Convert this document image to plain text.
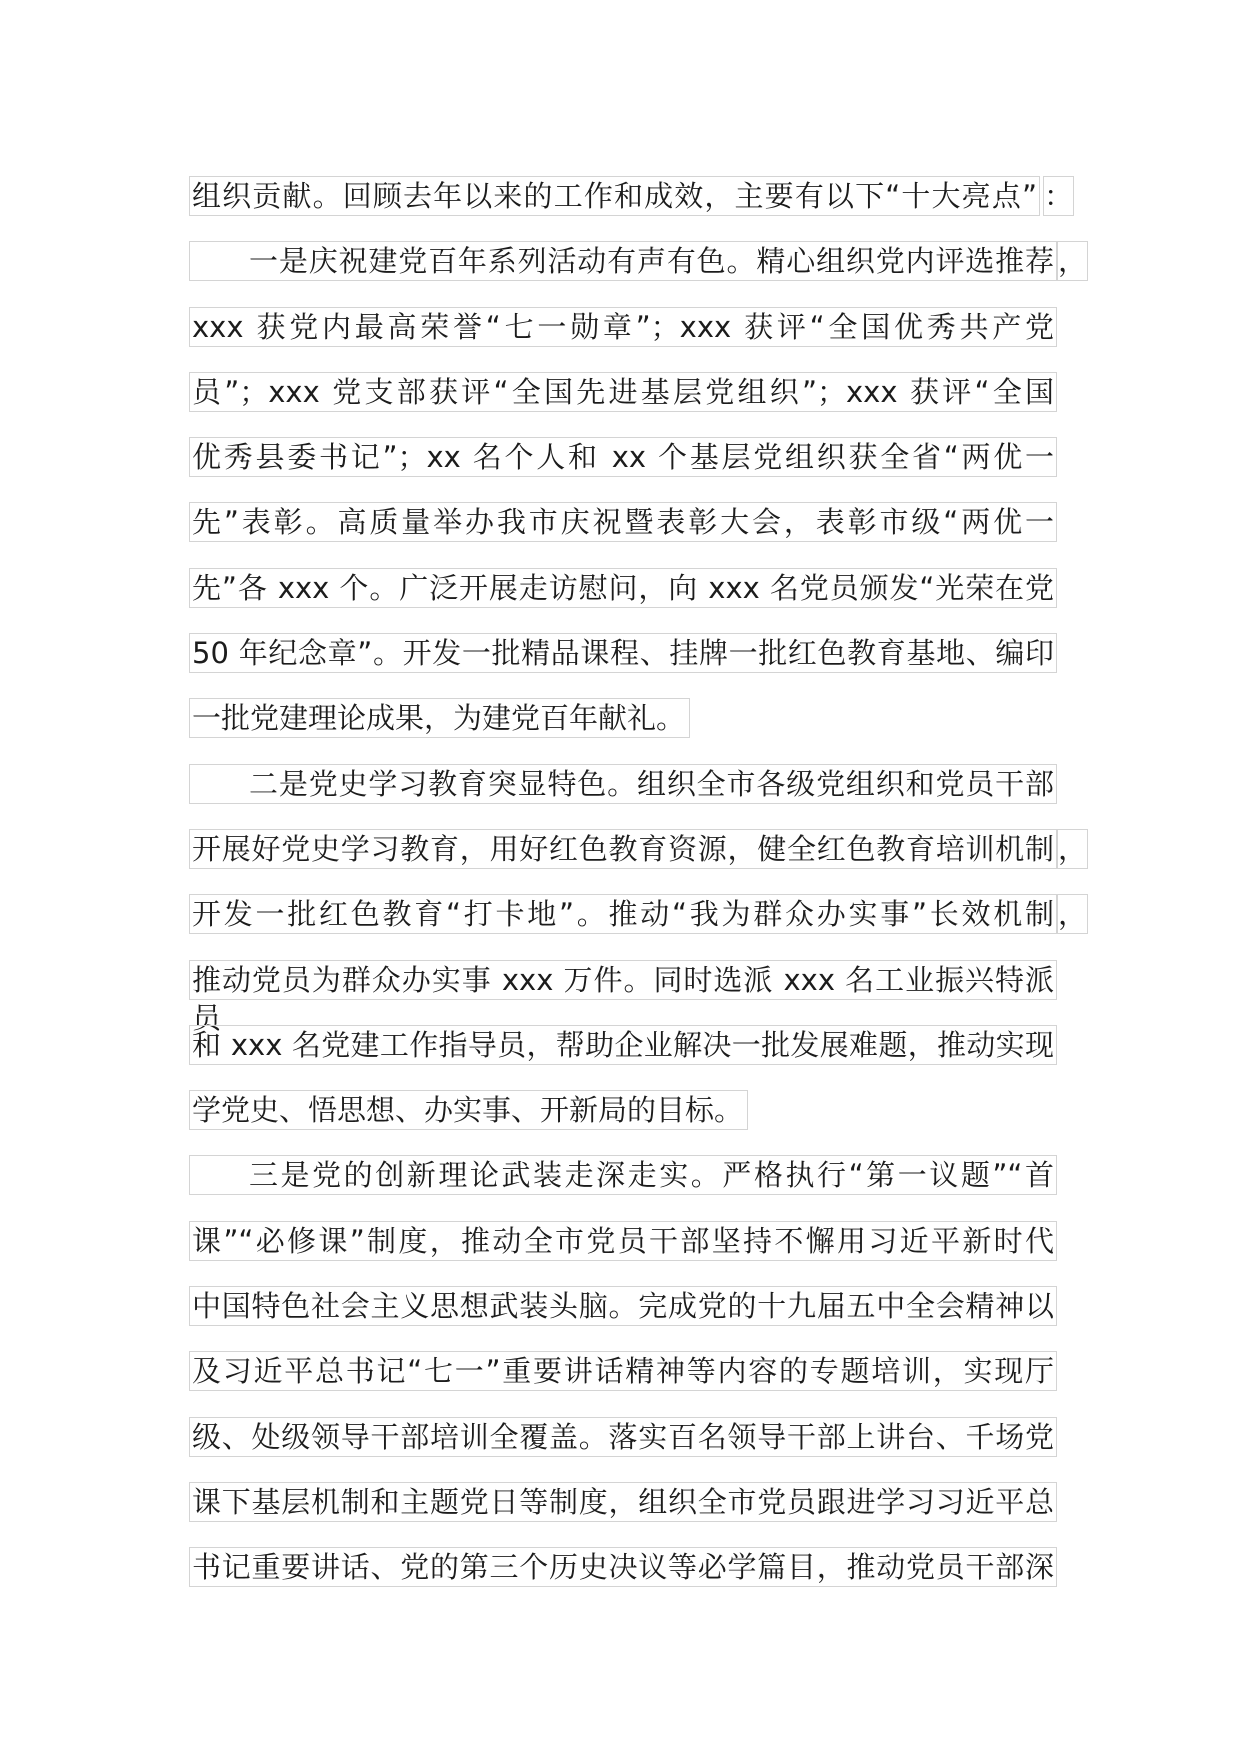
组织贡献。回顾去年以来的工作和成效，主要有以下“十大亮点” ：
一是庆祝建党百年系列活动有声有色。精心组织党内评选推荐 ，
xxx 获党内最高荣誉“七一勋章”；xxx 获评“全国优秀共产党
员”；xxx 党支部获评“全国先进基层党组织”；xxx 获评“全国
优秀县委书记”；xx 名个人和 xx 个基层党组织获全省“两优一
先”表彰。高质量举办我市庆祝暨表彰大会，表彰市级“两优一
先”各 xxx 个。广泛开展走访慰问，向 xxx 名党员颁发“光荣在党
50 年纪念章”。开发一批精品课程、挂牌一批红色教育基地、编印
一批党建理论成果，为建党百年献礼。
二是党史学习教育突显特色。组织全市各级党组织和党员干部
开展好党史学习教育，用好红色教育资源，健全红色教育培训机制 ，
开发一批红色教育“打卡地”。推动“我为群众办实事”长效机制 ，
推动党员为群众办实事 xxx 万件。同时选派 xxx 名工业振兴特派员
和 xxx 名党建工作指导员，帮助企业解决一批发展难题，推动实现
学党史、悟思想、办实事、开新局的目标。
三是党的创新理论武装走深走实。严格执行“第一议题”“首
课”“必修课”制度，推动全市党员干部坚持不懈用习近平新时代
中国特色社会主义思想武装头脑。完成党的十九届五中全会精神以
及习近平总书记“七一”重要讲话精神等内容的专题培训，实现厅
级、处级领导干部培训全覆盖。落实百名领导干部上讲台、千场党
课下基层机制和主题党日等制度，组织全市党员跟进学习习近平总
书记重要讲话、党的第三个历史决议等必学篇目，推动党员干部深
